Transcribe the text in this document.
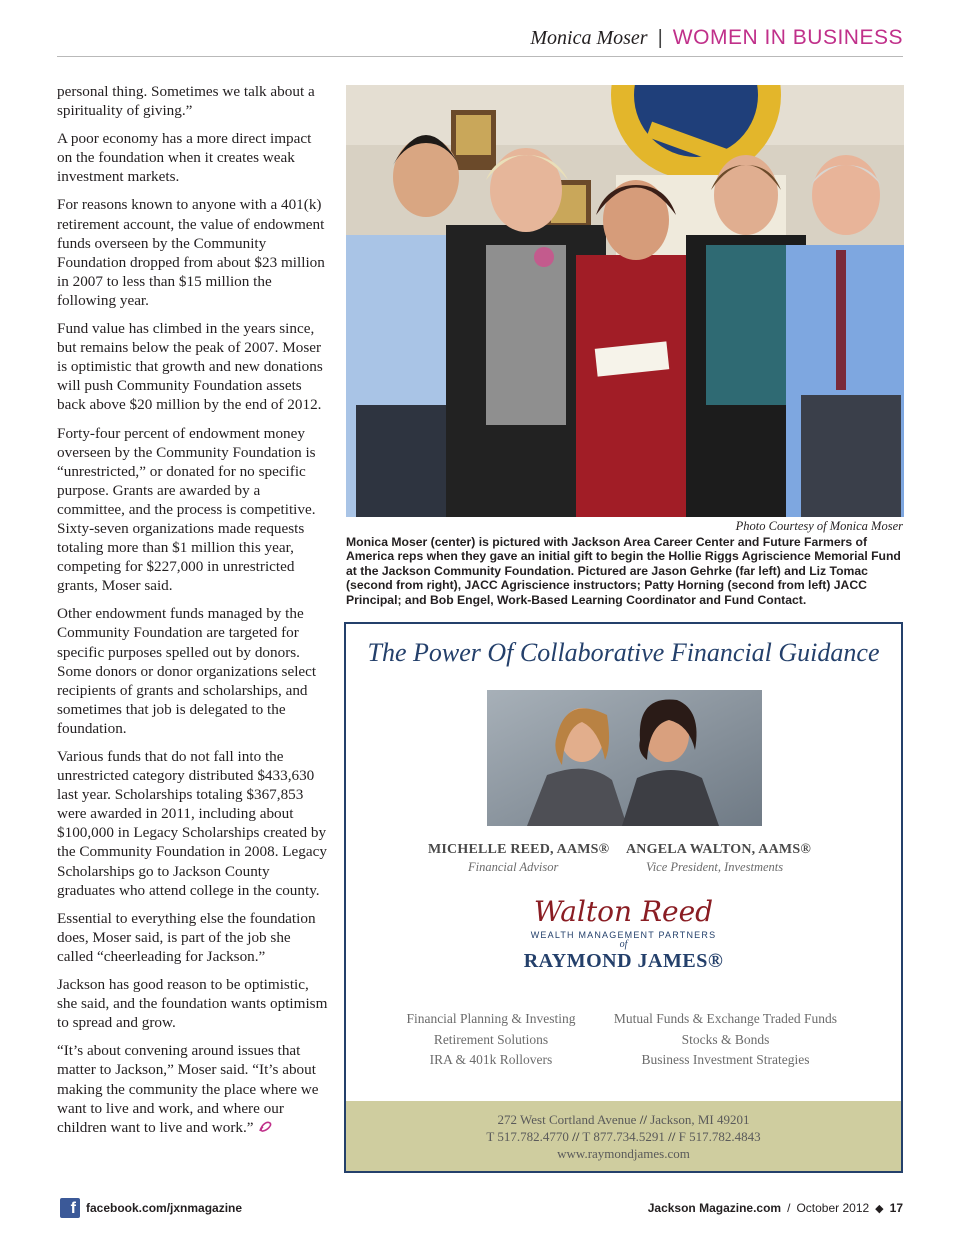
Monica Moser | WOMEN IN BUSINESS

personal thing. Sometimes we talk about a spirituality of giving.”

A poor economy has a more direct impact on the foundation when it creates weak investment markets.

For reasons known to anyone with a 401(k) retirement account, the value of endowment funds overseen by the Community Foundation dropped from about $23 million in 2007 to less than $15 million the following year.

Fund value has climbed in the years since, but remains below the peak of 2007. Moser is optimistic that growth and new donations will push Community Foundation assets back above $20 million by the end of 2012.

Forty-four percent of endowment money overseen by the Community Foundation is “unrestricted,” or donated for no specific purpose. Grants are awarded by a committee, and the process is competitive. Sixty-seven organizations made requests totaling more than $1 million this year, competing for $227,000 in unrestricted grants, Moser said.

Other endowment funds managed by the Community Foundation are targeted for specific purposes spelled out by donors. Some donors or donor organizations select recipients of grants and scholarships, and sometimes that job is delegated to the foundation.

Various funds that do not fall into the unrestricted category distributed $433,630 last year. Scholarships totaling $367,853 were awarded in 2011, including about $100,000 in Legacy Scholarships created by the Community Foundation in 2008. Legacy Scholarships go to Jackson County graduates who attend college in the county.

Essential to everything else the foundation does, Moser said, is part of the job she called “cheerleading for Jackson.”

Jackson has good reason to be optimistic, she said, and the foundation wants optimism to spread and grow.

“It’s about convening around issues that matter to Jackson,” Moser said. “It’s about making the community the place where we want to live and work, and where our children want to live and work.”

Photo Courtesy of Monica Moser
Monica Moser (center) is pictured with Jackson Area Career Center and Future Farmers of America reps when they gave an initial gift to begin the Hollie Riggs Agriscience Memorial Fund at the Jackson Community Foundation. Pictured are Jason Gehrke (far left) and Liz Tomac (second from right), JACC Agriscience instructors; Patty Horning (second from left) JACC Principal; and Bob Engel, Work-Based Learning Coordinator and Fund Contact.
The Power Of Collaborative Financial Guidance
MICHELLE REED, AAMS®
Financial Advisor
ANGELA WALTON, AAMS®
Vice President, Investments
Walton Reed
WEALTH MANAGEMENT PARTNERS
of
RAYMOND JAMES®
Financial Planning & Investing
Retirement Solutions
IRA & 401k Rollovers
Mutual Funds & Exchange Traded Funds
Stocks & Bonds
Business Investment Strategies
272 West Cortland Avenue // Jackson, MI 49201
T 517.782.4770 // T 877.734.5291 // F 517.782.4843
www.raymondjames.com
f facebook.com/jxnmagazine	Jackson Magazine.com / October 2012 ◆ 17
